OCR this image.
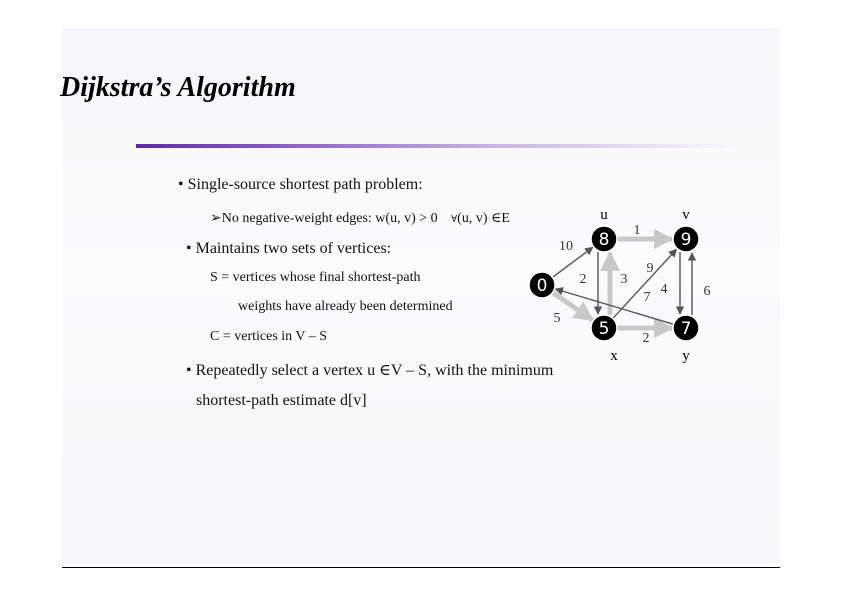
Dijkstra’s Algorithm
• Single-source shortest path problem:
➢No negative-weight edges: w(u, v) > 0 ∀(u, v) ∈E
• Maintains two sets of vertices:
S = vertices whose final shortest-path
weights have already been determined
C = vertices in V – S
• Repeatedly select a vertex u ∈V – S, with the minimum
shortest-path estimate d[v]
10
5
3
2
1
9
4	6
2
7
0
8
u
9
v
5
x
7
y
